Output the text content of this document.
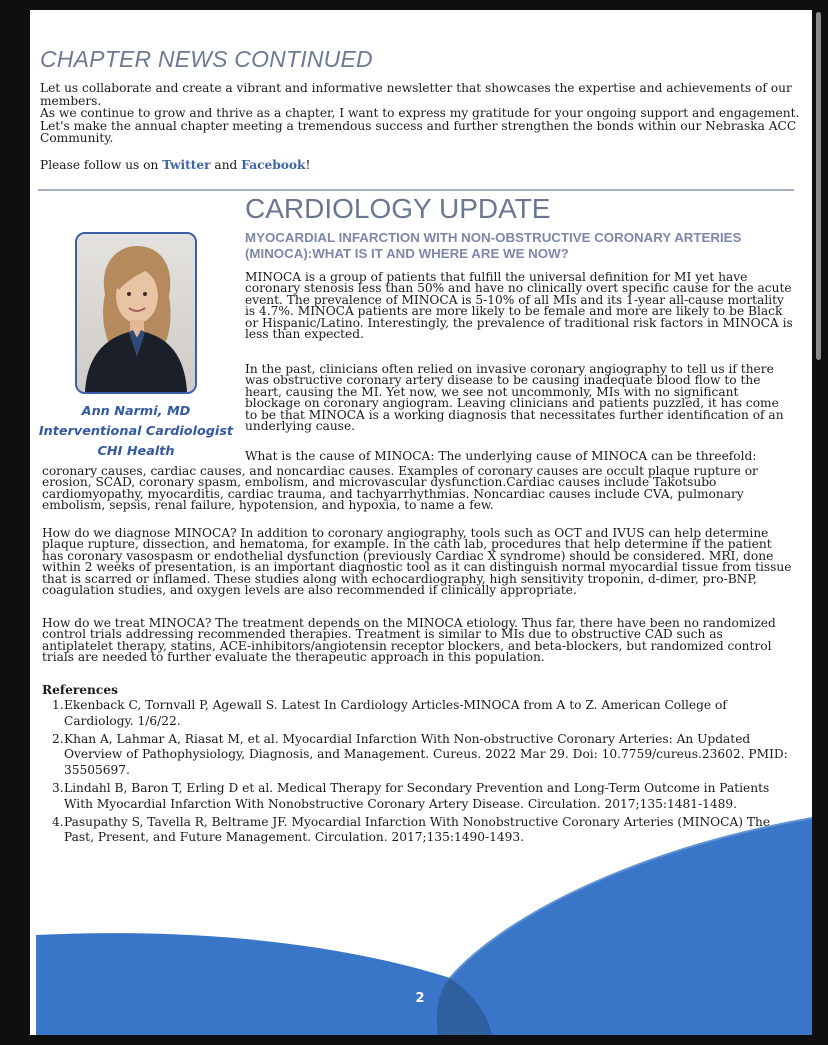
CHAPTER NEWS CONTINUED

Let us collaborate and create a vibrant and informative newsletter that showcases the expertise and achievements of our members.

As we continue to grow and thrive as a chapter, I want to express my gratitude for your ongoing support and engagement. Let's make the annual chapter meeting a tremendous success and further strengthen the bonds within our Nebraska ACC Community.

Please follow us on Twitter and Facebook!
CARDIOLOGY UPDATE
MYOCARDIAL INFARCTION WITH NON-OBSTRUCTIVE CORONARY ARTERIES (MINOCA):WHAT IS IT AND WHERE ARE WE NOW?
Ann Narmi, MD
Interventional Cardiologist
CHI Health

MINOCA is a group of patients that fulfill the universal definition for MI yet have coronary stenosis less than 50% and have no clinically overt specific cause for the acute event. The prevalence of MINOCA is 5-10% of all MIs and its 1-year all-cause mortality is 4.7%. MINOCA patients are more likely to be female and more are likely to be Black or Hispanic/Latino. Interestingly, the prevalence of traditional risk factors in MINOCA is less than expected.

In the past, clinicians often relied on invasive coronary angiography to tell us if there was obstructive coronary artery disease to be causing inadequate blood flow to the heart, causing the MI. Yet now, we see not uncommonly, MIs with no significant blockage on coronary angiogram. Leaving clinicians and patients puzzled, it has come to be that MINOCA is a working diagnosis that necessitates further identification of an underlying cause.

What is the cause of MINOCA: The underlying cause of MINOCA can be threefold:

coronary causes, cardiac causes, and noncardiac causes. Examples of coronary causes are occult plaque rupture or erosion, SCAD, coronary spasm, embolism, and microvascular dysfunction.Cardiac causes include Takotsubo cardiomyopathy, myocarditis, cardiac trauma, and tachyarrhythmias. Noncardiac causes include CVA, pulmonary embolism, sepsis, renal failure, hypotension, and hypoxia, to name a few.

How do we diagnose MINOCA? In addition to coronary angiography, tools such as OCT and IVUS can help determine plaque rupture, dissection, and hematoma, for example. In the cath lab, procedures that help determine if the patient has coronary vasospasm or endothelial dysfunction (previously Cardiac X syndrome) should be considered. MRI, done within 2 weeks of presentation, is an important diagnostic tool as it can distinguish normal myocardial tissue from tissue that is scarred or inflamed. These studies along with echocardiography, high sensitivity troponin, d-dimer, pro-BNP, coagulation studies, and oxygen levels are also recommended if clinically appropriate.

How do we treat MINOCA? The treatment depends on the MINOCA etiology. Thus far, there have been no randomized control trials addressing recommended therapies. Treatment is similar to MIs due to obstructive CAD such as antiplatelet therapy, statins, ACE-inhibitors/angiotensin receptor blockers, and beta-blockers, but randomized control trials are needed to further evaluate the therapeutic approach in this population.

References
1. Ekenback C, Tornvall P, Agewall S. Latest In Cardiology Articles-MINOCA from A to Z. American College of Cardiology. 1/6/22.
2. Khan A, Lahmar A, Riasat M, et al. Myocardial Infarction With Non-obstructive Coronary Arteries: An Updated Overview of Pathophysiology, Diagnosis, and Management. Cureus. 2022 Mar 29. Doi: 10.7759/cureus.23602. PMID: 35505697.
3. Lindahl B, Baron T, Erling D et al. Medical Therapy for Secondary Prevention and Long-Term Outcome in Patients With Myocardial Infarction With Nonobstructive Coronary Artery Disease. Circulation. 2017;135:1481-1489.
4. Pasupathy S, Tavella R, Beltrame JF. Myocardial Infarction With Nonobstructive Coronary Arteries (MINOCA) The Past, Present, and Future Management. Circulation. 2017;135:1490-1493.
2
